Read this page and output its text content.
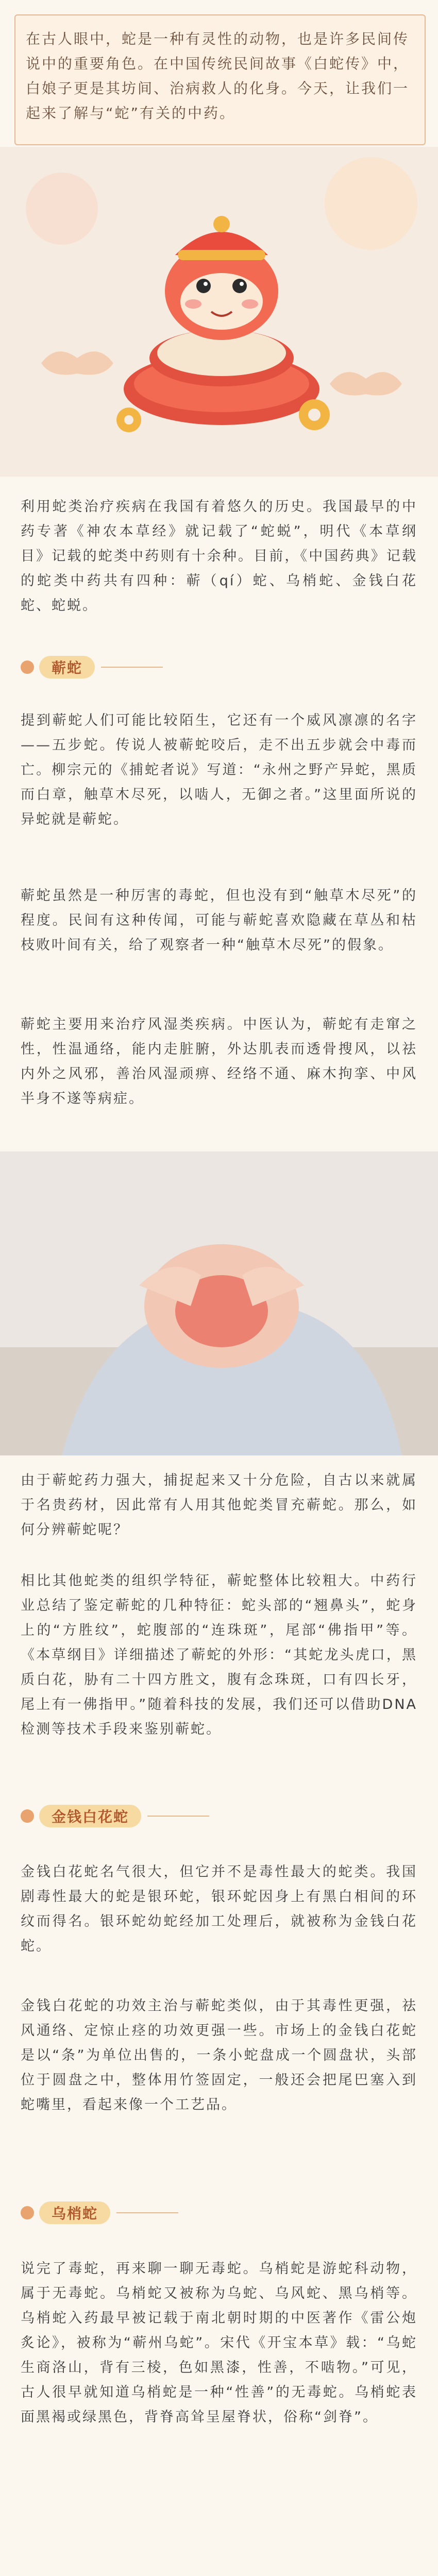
在古人眼中，蛇是一种有灵性的动物，也是许多民间传说中的重要角色。在中国传统民间故事《白蛇传》中，白娘子更是其坊间、治病救人的化身。今天，让我们一起来了解与“蛇”有关的中药。

利用蛇类治疗疾病在我国有着悠久的历史。我国最早的中药专著《神农本草经》就记载了“蛇蜕”，明代《本草纲目》记载的蛇类中药则有十余种。目前，《中国药典》记载的蛇类中药共有四种：蕲（qí）蛇、乌梢蛇、金钱白花蛇、蛇蜕。

蕲蛇

提到蕲蛇人们可能比较陌生，它还有一个威风凛凛的名字——五步蛇。传说人被蕲蛇咬后，走不出五步就会中毒而亡。柳宗元的《捕蛇者说》写道：“永州之野产异蛇，黑质而白章，触草木尽死，以啮人，无御之者。”这里面所说的异蛇就是蕲蛇。

蕲蛇虽然是一种厉害的毒蛇，但也没有到“触草木尽死”的程度。民间有这种传闻，可能与蕲蛇喜欢隐藏在草丛和枯枝败叶间有关，给了观察者一种“触草木尽死”的假象。

蕲蛇主要用来治疗风湿类疾病。中医认为，蕲蛇有走窜之性，性温通络，能内走脏腑，外达肌表而透骨搜风，以祛内外之风邪，善治风湿顽痹、经络不通、麻木拘挛、中风半身不遂等病症。

由于蕲蛇药力强大，捕捉起来又十分危险，自古以来就属于名贵药材，因此常有人用其他蛇类冒充蕲蛇。那么，如何分辨蕲蛇呢？

相比其他蛇类的组织学特征，蕲蛇整体比较粗大。中药行业总结了鉴定蕲蛇的几种特征：蛇头部的“翘鼻头”，蛇身上的“方胜纹”，蛇腹部的“连珠斑”，尾部“佛指甲”等。《本草纲目》详细描述了蕲蛇的外形：“其蛇龙头虎口，黑质白花，胁有二十四方胜文，腹有念珠斑，口有四长牙，尾上有一佛指甲。”随着科技的发展，我们还可以借助DNA检测等技术手段来鉴别蕲蛇。

金钱白花蛇

金钱白花蛇名气很大，但它并不是毒性最大的蛇类。我国剧毒性最大的蛇是银环蛇，银环蛇因身上有黑白相间的环纹而得名。银环蛇幼蛇经加工处理后，就被称为金钱白花蛇。

金钱白花蛇的功效主治与蕲蛇类似，由于其毒性更强，祛风通络、定惊止痉的功效更强一些。市场上的金钱白花蛇是以“条”为单位出售的，一条小蛇盘成一个圆盘状，头部位于圆盘之中，整体用竹签固定，一般还会把尾巴塞入到蛇嘴里，看起来像一个工艺品。

乌梢蛇

说完了毒蛇，再来聊一聊无毒蛇。乌梢蛇是游蛇科动物，属于无毒蛇。乌梢蛇又被称为乌蛇、乌风蛇、黑乌梢等。乌梢蛇入药最早被记载于南北朝时期的中医著作《雷公炮炙论》，被称为“蕲州乌蛇”。宋代《开宝本草》载：“乌蛇生商洛山，背有三棱，色如黑漆，性善，不啮物。”可见，古人很早就知道乌梢蛇是一种“性善”的无毒蛇。乌梢蛇表面黑褐或绿黑色，背脊高耸呈屋脊状，俗称“剑脊”。
